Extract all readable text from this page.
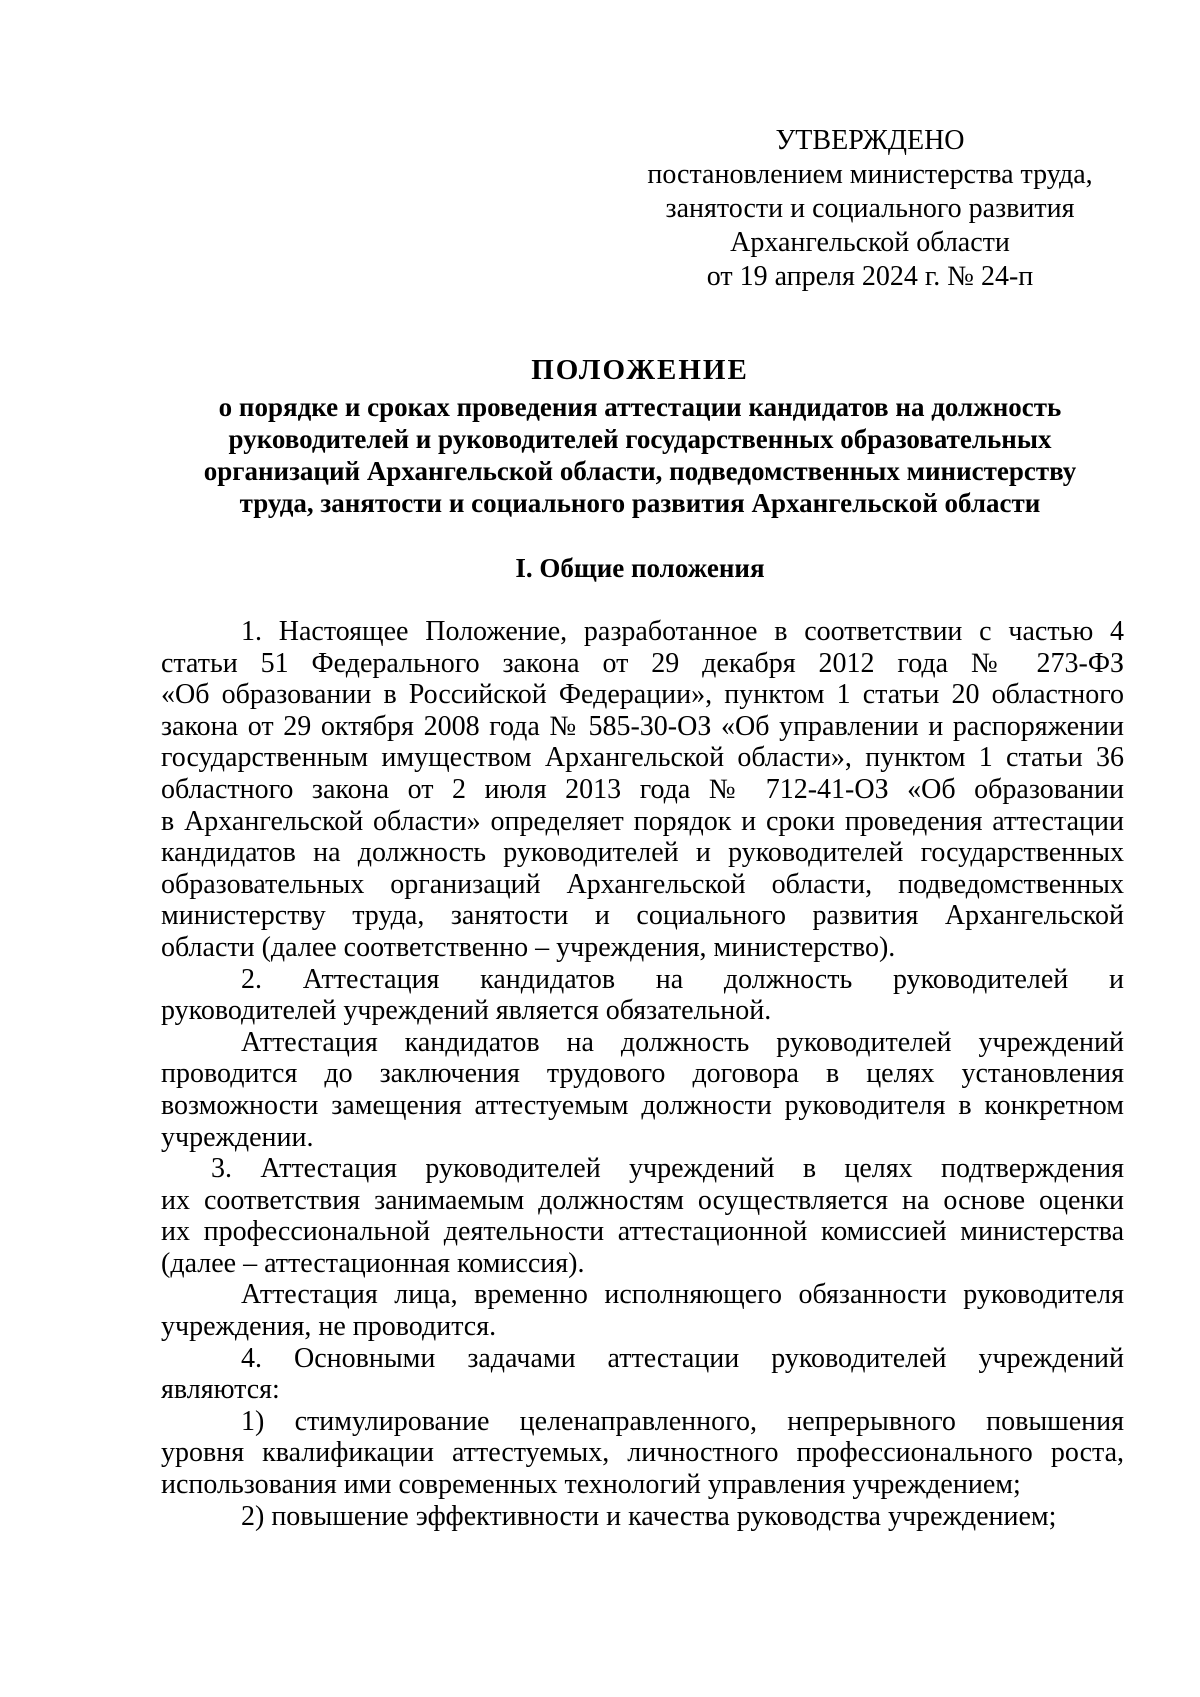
УТВЕРЖДЕНО
постановлением министерства труда,
занятости и социального развития
Архангельской области
от 19 апреля 2024 г. № 24-п
ПОЛОЖЕНИЕ
о порядке и сроках проведения аттестации кандидатов на должность
руководителей и руководителей государственных образовательных
организаций Архангельской области, подведомственных министерству
труда, занятости и социального развития Архангельской области
I. Общие положения
1. Настоящее Положение, разработанное в соответствии с частью 4
статьи 51 Федерального закона от 29 декабря 2012 года № 273-ФЗ
«Об образовании в Российской Федерации», пунктом 1 статьи 20 областного
закона от 29 октября 2008 года № 585-30-ОЗ «Об управлении и распоряжении
государственным имуществом Архангельской области», пунктом 1 статьи 36
областного закона от 2 июля 2013 года № 712-41-ОЗ «Об образовании
в Архангельской области» определяет порядок и сроки проведения аттестации
кандидатов на должность руководителей и руководителей государственных
образовательных организаций Архангельской области, подведомственных
министерству труда, занятости и социального развития Архангельской
области (далее соответственно – учреждения, министерство).
2. Аттестация кандидатов на должность руководителей и
руководителей учреждений является обязательной.
Аттестация кандидатов на должность руководителей учреждений
проводится до заключения трудового договора в целях установления
возможности замещения аттестуемым должности руководителя в конкретном
учреждении.
3. Аттестация руководителей учреждений в целях подтверждения
их соответствия занимаемым должностям осуществляется на основе оценки
их профессиональной деятельности аттестационной комиссией министерства
(далее – аттестационная комиссия).
Аттестация лица, временно исполняющего обязанности руководителя
учреждения, не проводится.
4. Основными задачами аттестации руководителей учреждений
являются:
1) стимулирование целенаправленного, непрерывного повышения
уровня квалификации аттестуемых, личностного профессионального роста,
использования ими современных технологий управления учреждением;
2) повышение эффективности и качества руководства учреждением;
